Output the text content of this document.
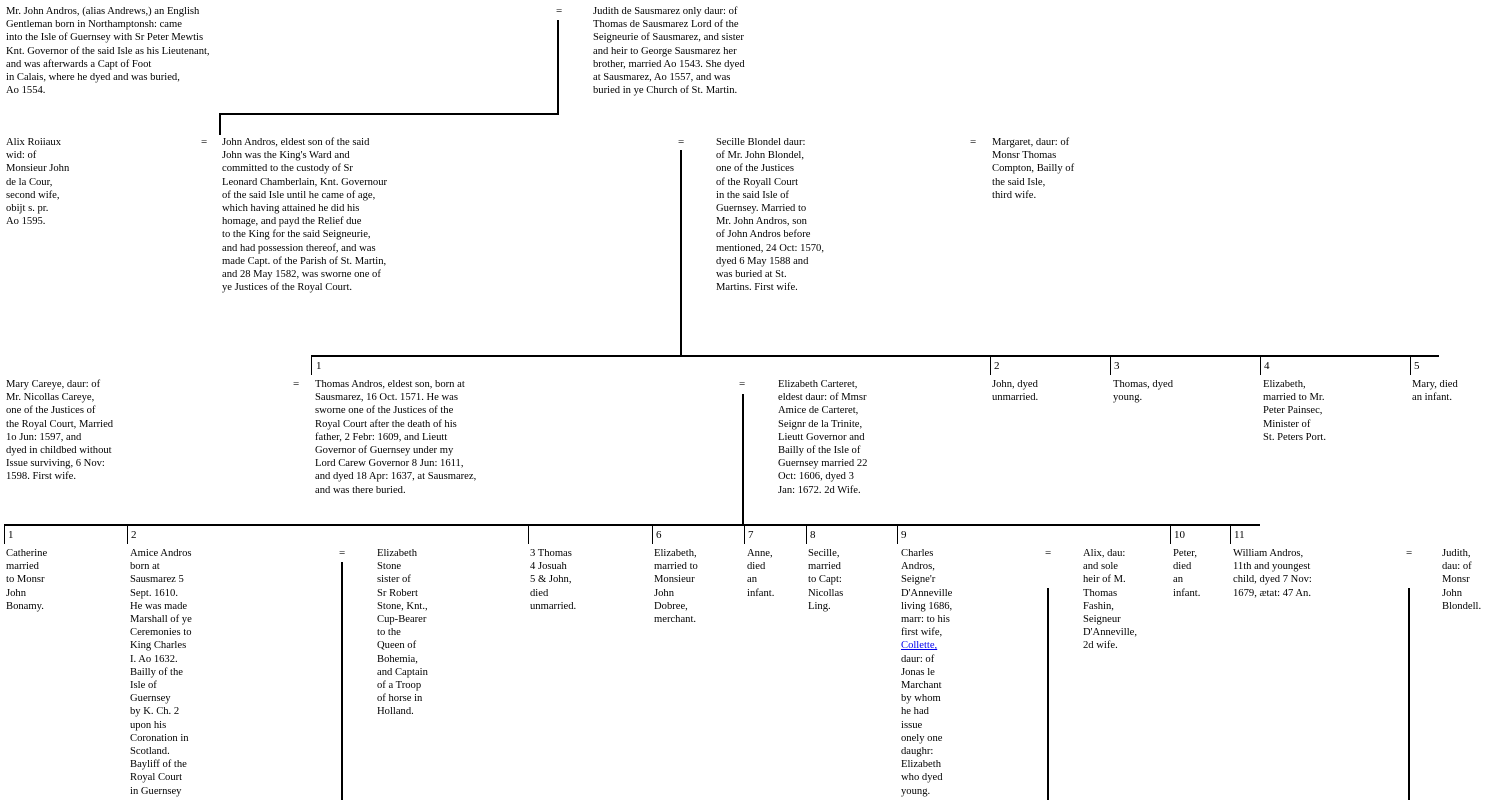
Mr. John Andros, (alias Andrews,) an English
Gentleman born in Northamptonsh: came
into the Isle of Guernsey with Sr Peter Mewtis
Knt. Governor of the said Isle as his Lieutenant,
and was afterwards a Capt of Foot
in Calais, where he dyed and was buried,
Ao 1554.
=	Judith de Sausmarez only daur: of
Thomas de Sausmarez Lord of the
Seigneurie of Sausmarez, and sister
and heir to George Sausmarez her
brother, married Ao 1543. She dyed
at Sausmarez, Ao 1557, and was
buried in ye Church of St. Martin.
Alix Roiiaux
wid: of
Monsieur John
de la Cour,
second wife,
obijt s. pr.
Ao 1595.
= John Andros, eldest son of the said
John was the King's Ward and
committed to the custody of Sr
Leonard Chamberlain, Knt. Governour
of the said Isle until he came of age,
which having attained he did his
homage, and payd the Relief due
to the King for the said Seigneurie,
and had possession thereof, and was
made Capt. of the Parish of St. Martin,
and 28 May 1582, was sworne one of
ye Justices of the Royal Court.
=	Secille Blondel daur:
of Mr. John Blondel,
one of the Justices
of the Royall Court
in the said Isle of
Guernsey. Married to
Mr. John Andros, son
of John Andros before
mentioned, 24 Oct: 1570,
dyed 6 May 1588 and
was buried at St.
Martins. First wife.
= Margaret, daur: of
Monsr Thomas
Compton, Bailly of
the said Isle,
third wife.
1	2	3	4	5
Mary Careye, daur: of
Mr. Nicollas Careye,
one of the Justices of
the Royal Court, Married
1o Jun: 1597, and
dyed in childbed without
Issue surviving, 6 Nov:
1598. First wife.
= Thomas Andros, eldest son, born at
Sausmarez, 16 Oct. 1571. He was
sworne one of the Justices of the
Royal Court after the death of his
father, 2 Febr: 1609, and Lieutt
Governor of Guernsey under my
Lord Carew Governor 8 Jun: 1611,
and dyed 18 Apr: 1637, at Sausmarez,
and was there buried.
=	Elizabeth Carteret,
eldest daur: of Mmsr
Amice de Carteret,
Seignr de la Trinite,
Lieutt Governor and
Bailly of the Isle of
Guernsey married 22
Oct: 1606, dyed 3
Jan: 1672. 2d Wife.
John, dyed
unmarried.
Thomas, dyed
young.
Elizabeth,
married to Mr.
Peter Painsec,
Minister of
St. Peters Port.
Mary, died
an infant.
1	2	6	7	8	9	10	11
Catherine
married
to Monsr
John
Bonamy.
Amice Andros
born at
Sausmarez 5
Sept. 1610.
He was made
Marshall of ye
Ceremonies to
King Charles
I. Ao 1632.
Bailly of the
Isle of
Guernsey
by K. Ch. 2
upon his
Coronation in
Scotland.
Bayliff of the
Royal Court
in Guernsey
=	Elizabeth
Stone
sister of
Sr Robert
Stone, Knt.,
Cup-Bearer
to the
Queen of
Bohemia,
and Captain
of a Troop
of horse in
Holland.
3 Thomas
4 Josuah
5 & John,
died
unmarried.
Elizabeth,
married to
Monsieur
John
Dobree,
merchant.
Anne,
died
an
infant.
Secille,
married
to Capt:
Nicollas
Ling.
Charles
Andros,
Seigne'r
D'Anneville
living 1686,
marr: to his
first wife,
Collette,
daur: of
Jonas le
Marchant
by whom
he had
issue
onely one
daughr:
Elizabeth
who dyed
young.
=	Alix, dau:
and sole
heir of M.
Thomas
Fashin,
Seigneur
D'Anneville,
2d wife.
Peter,
died
an
infant.
William Andros,
11th and youngest
child, dyed 7 Nov:
1679, ætat: 47 An.
=	Judith,
dau: of
Monsr
John
Blondell.
